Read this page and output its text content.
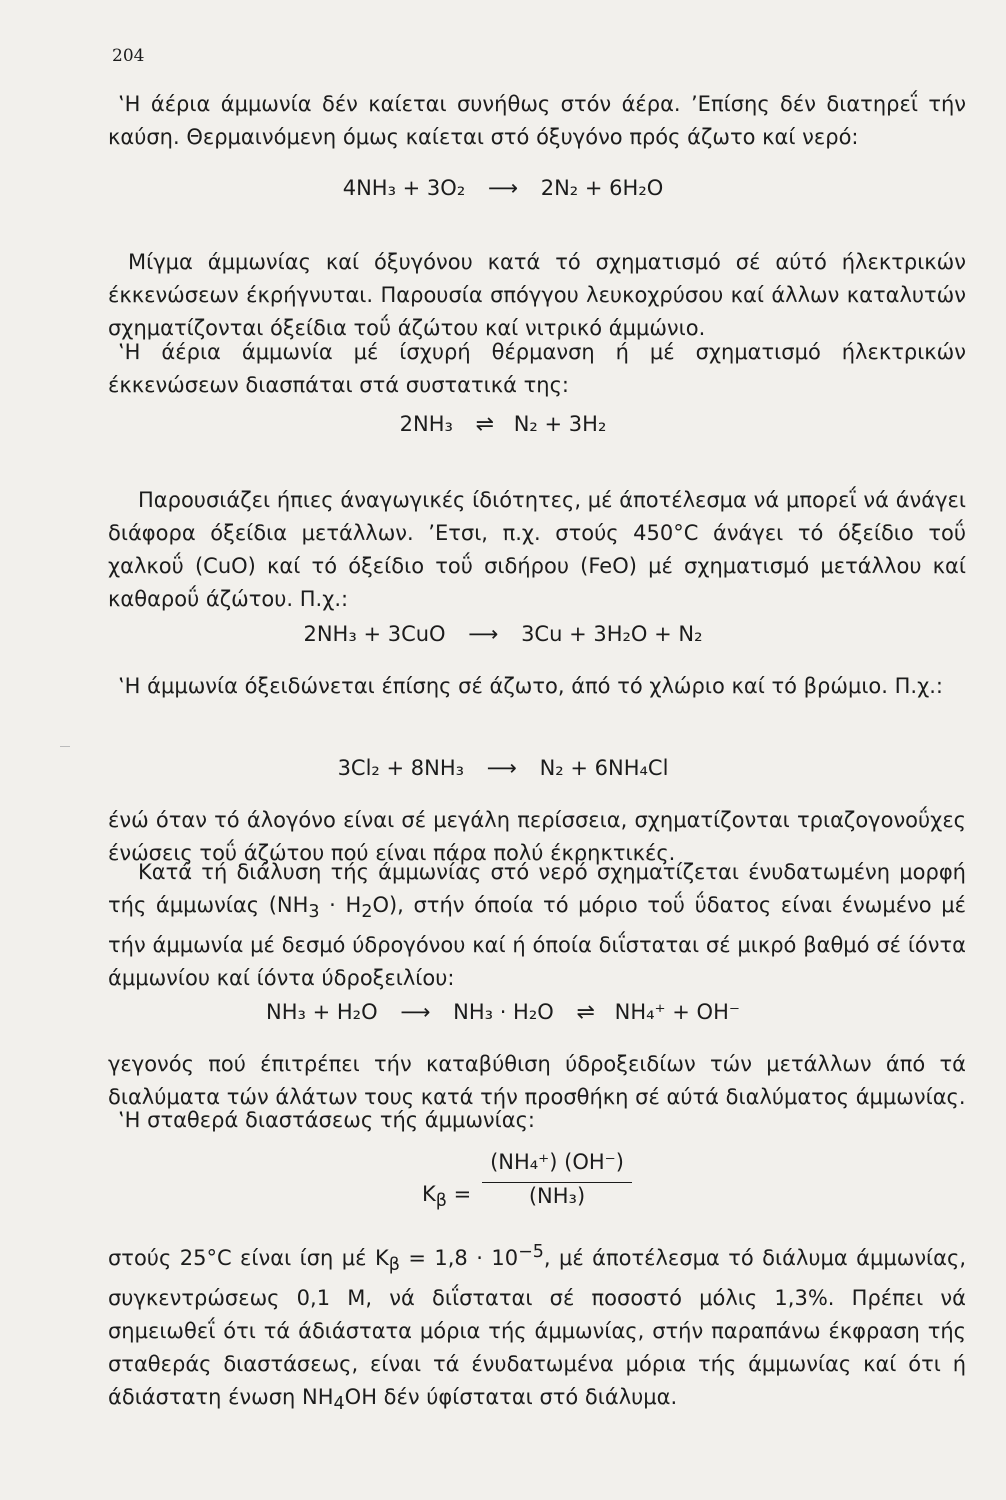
204
‛Η άέρια άμμωνία δέν καίεται συνήθως στόν άέρα. ’Επίσης δέν διατηρεΐ τήν καύση. Θερμαινόμενη όμως καίεται στό όξυγόνο πρός άζωτο καί νερό:
4NH₃ + 3O₂ ⟶ 2N₂ + 6H₂O
Μίγμα άμμωνίας καί όξυγόνου κατά τό σχηματισμό σέ αύτό ήλεκτρικών έκκενώσεων έκρήγνυται. Παρουσία σπόγγου λευκοχρύσου καί άλλων καταλυτών σχηματίζονται όξείδια τοΰ άζώτου καί νιτρικό άμμώνιο.
‛Η άέρια άμμωνία μέ ίσχυρή θέρμανση ή μέ σχηματισμό ήλεκτρικών έκκενώσεων διασπάται στά συστατικά της:
2NH₃ ⇌ N₂ + 3H₂
Παρουσιάζει ήπιες άναγωγικές ίδιότητες, μέ άποτέλεσμα νά μπορεΐ νά άνάγει διάφορα όξείδια μετάλλων. ’Ετσι, π.χ. στούς 450°C άνάγει τό όξείδιο τοΰ χαλκοΰ (CuO) καί τό όξείδιο τοΰ σιδήρου (FeO) μέ σχηματισμό μετάλλου καί καθαροΰ άζώτου. Π.χ.:
2NH₃ + 3CuO ⟶ 3Cu + 3H₂O + N₂
‛Η άμμωνία όξειδώνεται έπίσης σέ άζωτο, άπό τό χλώριο καί τό βρώμιο. Π.χ.:
3Cl₂ + 8NH₃ ⟶ N₂ + 6NH₄Cl
ένώ όταν τό άλογόνο είναι σέ μεγάλη περίσσεια, σχηματίζονται τριαζογονοΰχες ένώσεις τοΰ άζώτου πού είναι πάρα πολύ έκρηκτικές.
Κατά τή διάλυση τής άμμωνίας στό νερό σχηματίζεται ένυδατωμένη μορφή τής άμμωνίας $(NH_3 \cdot H_2O)$, στήν όποία τό μόριο τοΰ ΰδατος είναι ένωμένο μέ τήν άμμωνία μέ δεσμό ύδρογόνου καί ή όποία διΐσταται σέ μικρό βαθμό σέ ίόντα άμμωνίου καί ίόντα ύδροξειλίου:
NH₃ + H₂O ⟶ NH₃ · H₂O ⇌ NH₄⁺ + OH⁻
γεγονός πού έπιτρέπει τήν καταβύθιση ύδροξειδίων τών μετάλλων άπό τά διαλύματα τών άλάτων τους κατά τήν προσθήκη σέ αύτά διαλύματος άμμωνίας.
‛Η σταθερά διαστάσεως τής άμμωνίας:
$K_\beta$ =
(NH₄⁺) (OH⁻)
(NH₃)
στούς 25°C είναι ίση μέ $K_\beta = 1,8 \cdot 10^{-5}$, μέ άποτέλεσμα τό διάλυμα άμμωνίας, συγκεντρώσεως 0,1 M, νά διΐσταται σέ ποσοστό μόλις 1,3%. Πρέπει νά σημειωθεΐ ότι τά άδιάστατα μόρια τής άμμωνίας, στήν παραπάνω έκφραση τής σταθεράς διαστάσεως, είναι τά ένυδατωμένα μόρια τής άμμωνίας καί ότι ή άδιάστατη ένωση $NH_4OH$ δέν ύφίσταται στό διάλυμα.
